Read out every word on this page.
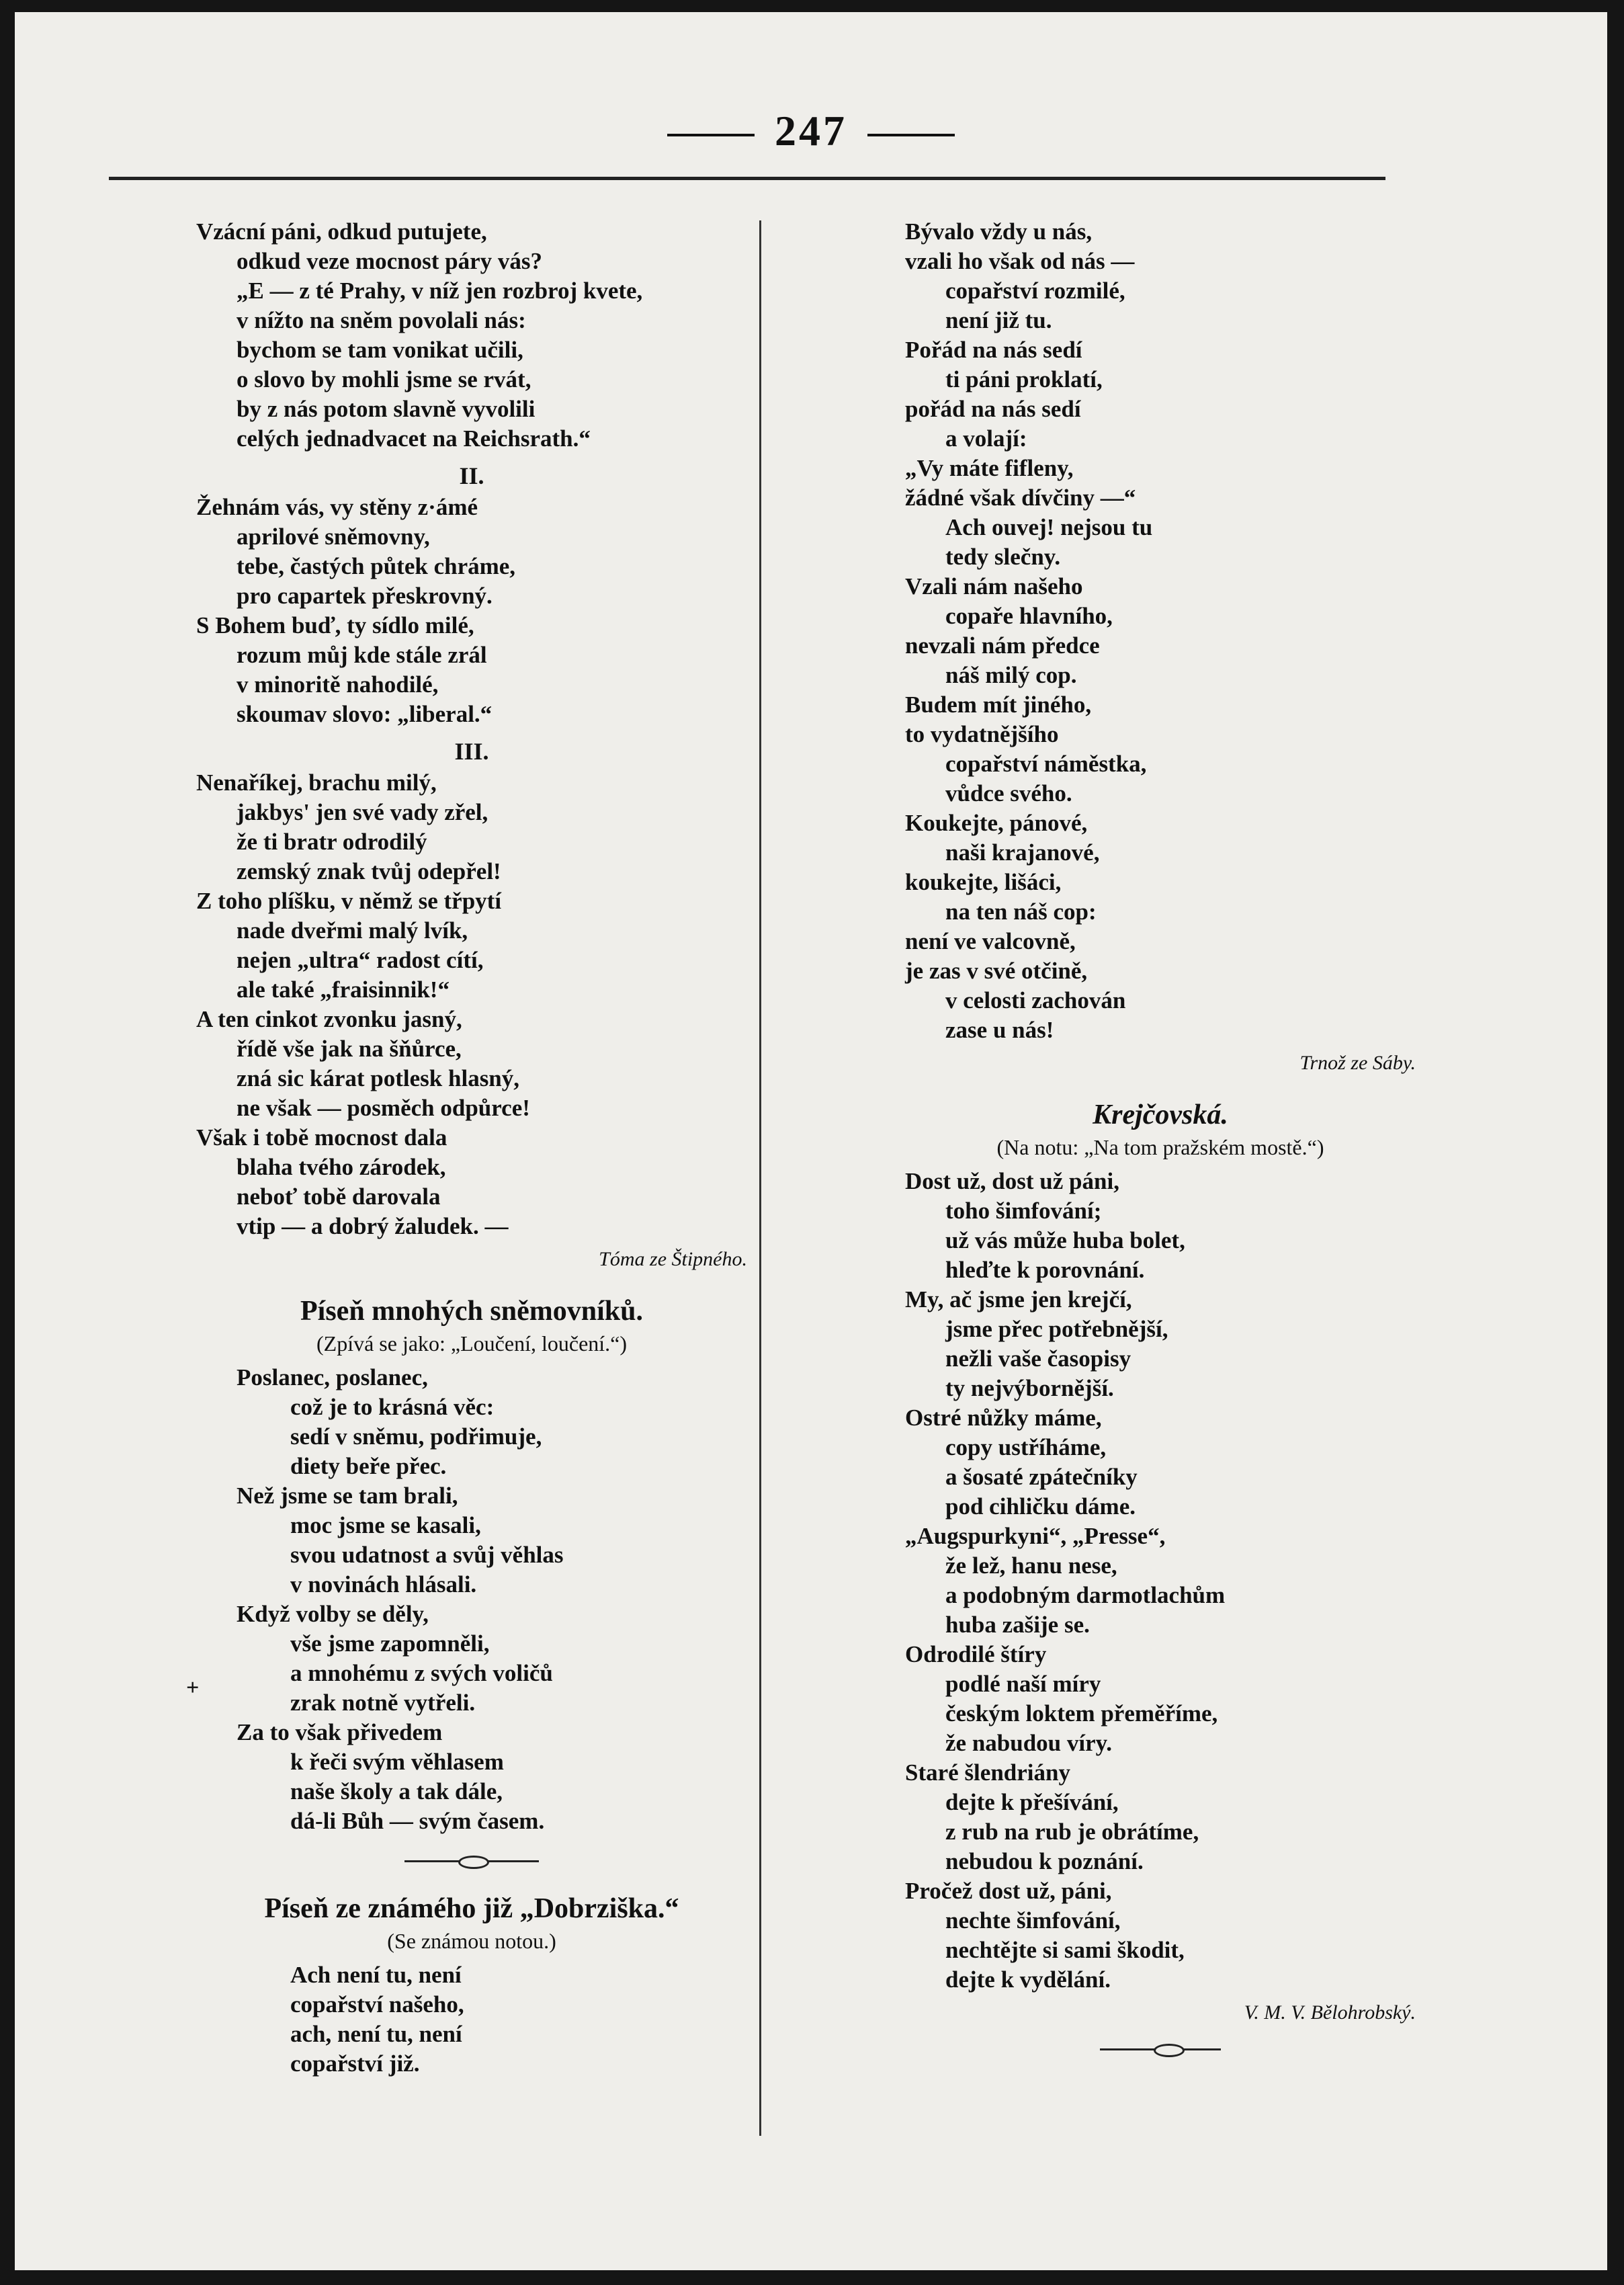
247
+
Vzácní páni, odkud putujete,
odkud veze mocnost páry vás?
„E — z té Prahy, v níž jen rozbroj kvete,
v nížto na sněm povolali nás:
bychom se tam vonikat učili,
o slovo by mohli jsme se rvát,
by z nás potom slavně vyvolili
celých jednadvacet na Reichsrath.“
II.
Žehnám vás, vy stěny z·ámé
aprilové sněmovny,
tebe, častých půtek chráme,
pro capartek přeskrovný.
S Bohem buď, ty sídlo milé,
rozum můj kde stále zrál
v minoritě nahodilé,
skoumav slovo: „liberal.“
III.
Nenaříkej, brachu milý,
jakbys' jen své vady zřel,
že ti bratr odrodilý
zemský znak tvůj odepřel!
Z toho plíšku, v němž se třpytí
nade dveřmi malý lvík,
nejen „ultra“ radost cítí,
ale také „fraisinnik!“
A ten cinkot zvonku jasný,
řídě vše jak na šňůrce,
zná sic kárat potlesk hlasný,
ne však — posměch odpůrce!
Však i tobě mocnost dala
blaha tvého zárodek,
neboť tobě darovala
vtip — a dobrý žaludek. —
Tóma ze Štipného.
Píseň mnohých sněmovníků.
(Zpívá se jako: „Loučení, loučení.“)
Poslanec, poslanec,
což je to krásná věc:
sedí v sněmu, podřimuje,
diety beře přec.
Než jsme se tam brali,
moc jsme se kasali,
svou udatnost a svůj věhlas
v novinách hlásali.
Když volby se děly,
vše jsme zapomněli,
a mnohému z svých voličů
zrak notně vytřeli.
Za to však přivedem
k řeči svým věhlasem
naše školy a tak dále,
dá-li Bůh — svým časem.
Píseň ze známého již „Dobrziška.“
(Se známou notou.)
Ach není tu, není
copařství našeho,
ach, není tu, není
copařství již.
Bývalo vždy u nás,
vzali ho však od nás —
copařství rozmilé,
není již tu.
Pořád na nás sedí
ti páni proklatí,
pořád na nás sedí
a volají:
„Vy máte fifleny,
žádné však dívčiny —“
Ach ouvej! nejsou tu
tedy slečny.
Vzali nám našeho
copaře hlavního,
nevzali nám předce
náš milý cop.
Budem mít jiného,
to vydatnějšího
copařství náměstka,
vůdce svého.
Koukejte, pánové,
naši krajanové,
koukejte, lišáci,
na ten náš cop:
není ve valcovně,
je zas v své otčině,
v celosti zachován
zase u nás!
Trnož ze Sáby.
Krejčovská.
(Na notu: „Na tom pražském mostě.“)
Dost už, dost už páni,
toho šimfování;
už vás může huba bolet,
hleďte k porovnání.
My, ač jsme jen krejčí,
jsme přec potřebnější,
nežli vaše časopisy
ty nejvýbornější.
Ostré nůžky máme,
copy ustříháme,
a šosaté zpátečníky
pod cihličku dáme.
„Augspurkyni“, „Presse“,
že lež, hanu nese,
a podobným darmotlachům
huba zašije se.
Odrodilé štíry
podlé naší míry
českým loktem přeměříme,
že nabudou víry.
Staré šlendriány
dejte k přešívání,
z rub na rub je obrátíme,
nebudou k poznání.
Pročež dost už, páni,
nechte šimfování,
nechtějte si sami škodit,
dejte k vydělání.
V. M. V. Bělohrobský.
